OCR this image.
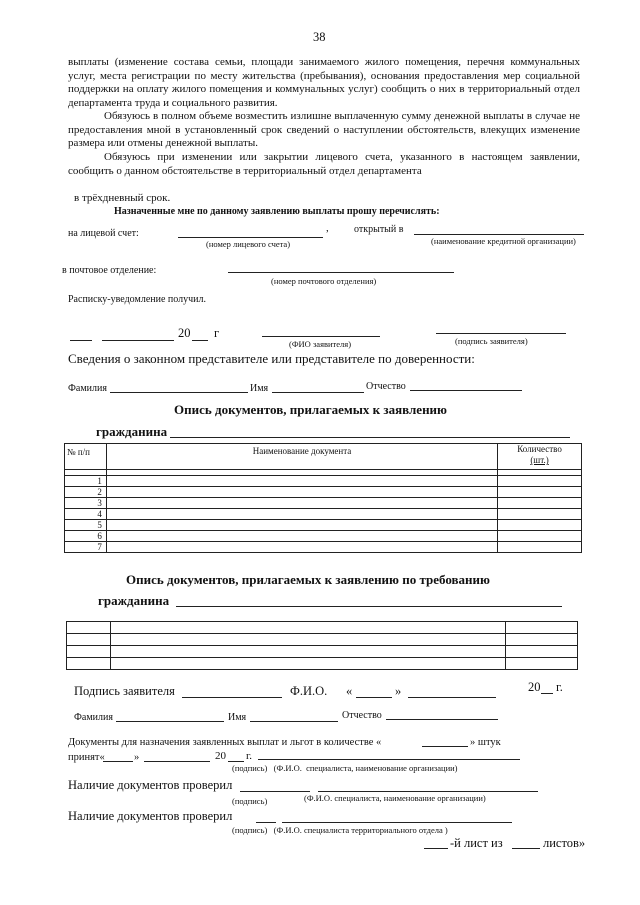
38
выплаты (изменение состава семьи, площади занимаемого жилого помещения, перечня коммунальных услуг, места регистрации по месту жительства (пребывания), основания предоставления мер социальной поддержки на оплату жилого помещения и коммунальных услуг) сообщить о них в территориальный отдел департамента труда и социального развития.
Обязуюсь в полном объеме возместить излишне выплаченную сумму денежной выплаты в случае не предоставления мной в установленный срок сведений о наступлении обстоятельств, влекущих изменение размера или отмены денежной выплаты.
Обязуюсь при изменении или закрытии лицевого счета, указанного в настоящем заявлении, сообщить о данном обстоятельстве в территориальный отдел департамента
в трёхдневный срок.
Назначенные мне по данному заявлению выплаты прошу перечислять:
на лицевой счет:	,	открытый в
(номер лицевого счета)	(наименование кредитной организации)
в почтовое отделение:
(номер почтового отделения)
Расписку-уведомление получил.
20 г
(ФИО заявителя)	(подпись заявителя)
Сведения о законном представителе или представителе по доверенности:
Фамилия	Имя	Отчество
Опись документов, прилагаемых к заявлению
гражданина
№ п/п	Наименование документа	Количество
(шт.)

1		
2		
3		
4		
5		
6		
7		
Опись документов, прилагаемых к заявлению по требованию
гражданина

Подпись заявителя	Ф.И.О. «	»	20 г.
Фамилия	Имя	Отчество
Документы для назначения заявленных выплат и льгот в количестве «	» штук
принят«	»	20 г.
(подпись)   (Ф.И.О.  специалиста, наименование организации)
Наличие документов проверил
(подпись)	(Ф.И.О. специалиста, наименование организации)
Наличие документов проверил
(подпись)   (Ф.И.О. специалиста территориального отдела )
-й лист из	листов»
